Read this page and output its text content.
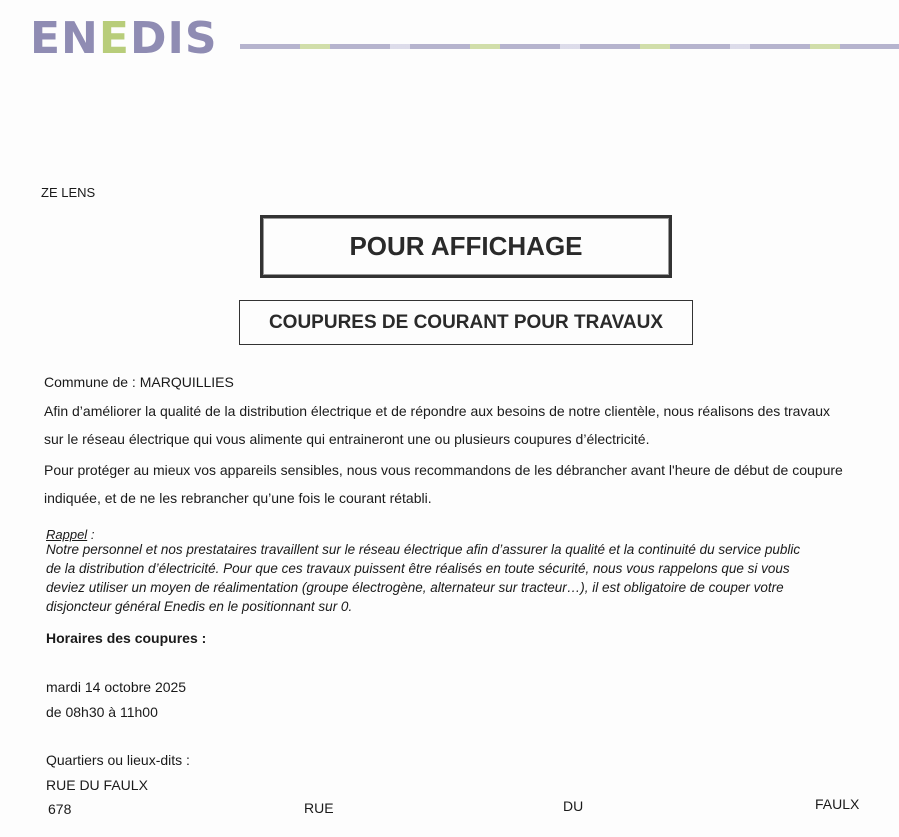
EN E DIS
ZE LENS
POUR AFFICHAGE
COUPURES DE COURANT POUR TRAVAUX
Commune de : MARQUILLIES
Afin d’améliorer la qualité de la distribution électrique et de répondre aux besoins de notre clientèle, nous réalisons des travaux
sur le réseau électrique qui vous alimente qui entraineront une ou plusieurs coupures d’électricité.
Pour protéger au mieux vos appareils sensibles, nous vous recommandons de les débrancher avant l'heure de début de coupure
indiquée, et de ne les rebrancher qu’une fois le courant rétabli.
Rappel :
Notre personnel et nos prestataires travaillent sur le réseau électrique afin d’assurer la qualité et la continuité du service public
de la distribution d’électricité. Pour que ces travaux puissent être réalisés en toute sécurité, nous vous rappelons que si vous
deviez utiliser un moyen de réalimentation (groupe électrogène, alternateur sur tracteur…), il est obligatoire de couper votre
disjoncteur général Enedis en le positionnant sur 0.
Horaires des coupures :
mardi 14 octobre 2025
de 08h30 à 11h00
Quartiers ou lieux-dits :
RUE DU FAULX
678	RUE	DU	FAULX
